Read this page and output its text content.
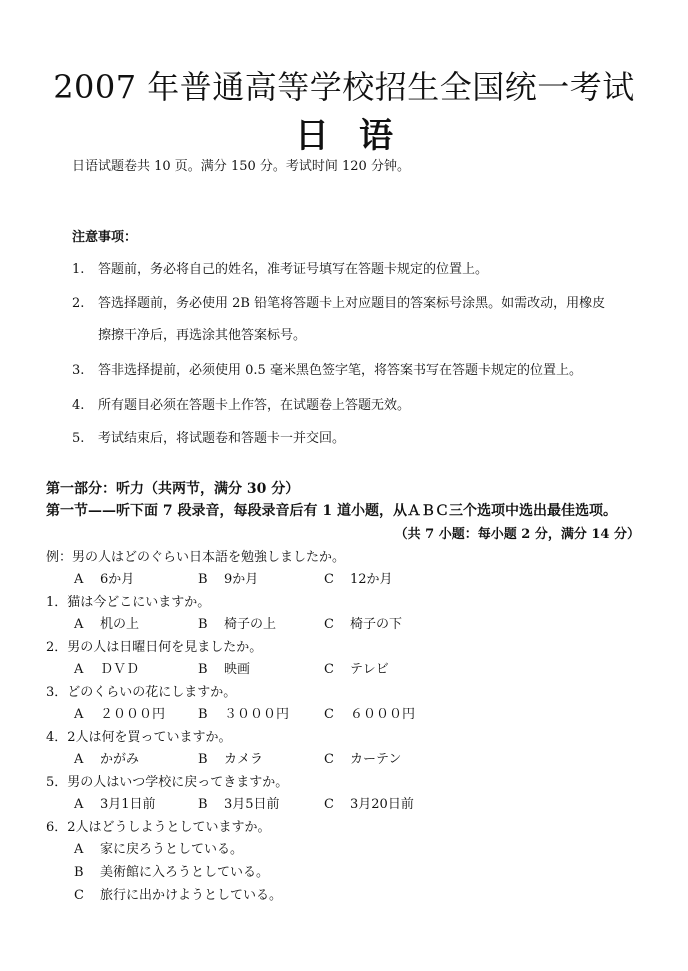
2007 年普通高等学校招生全国统一考试
日语
日语试题卷共 10 页。满分 150 分。考试时间 120 分钟。
注意事项：
1. 答题前，务必将自己的姓名，准考证号填写在答题卡规定的位置上。
2. 答选择题前，务必使用 2B 铅笔将答题卡上对应题目的答案标号涂黑。如需改动，用橡皮
擦擦干净后，再选涂其他答案标号。
3. 答非选择提前，必须使用 0.5 毫米黑色签字笔，将答案书写在答题卡规定的位置上。
4. 所有题目必须在答题卡上作答，在试题卷上答题无效。
5. 考试结束后，将试题卷和答题卡一并交回。
第一部分：听力（共两节，满分 30 分）
第一节——听下面 7 段录音，每段录音后有 1 道小题，从ＡＢＣ三个选项中选出最佳选项。
（共 7 小题：每小题 2 分，满分 14 分）
例：男の人はどのぐらい日本語を勉強しましたか。
A 6か月	B 9か月	C 12か月
1．猫は今どこにいますか。
A 机の上	B 椅子の上	C 椅子の下
2．男の人は日曜日何を見ましたか。
A ＤＶＤ	B 映画	C テレビ
3．どのくらいの花にしますか。
A ２０００円	B ３０００円	C ６０００円
4．2人は何を買っていますか。
A かがみ	B カメラ	C カーテン
5．男の人はいつ学校に戻ってきますか。
A 3月1日前	B 3月5日前	C 3月20日前
6．2人はどうしようとしていますか。
A 家に戻ろうとしている。
B 美術館に入ろうとしている。
C 旅行に出かけようとしている。
